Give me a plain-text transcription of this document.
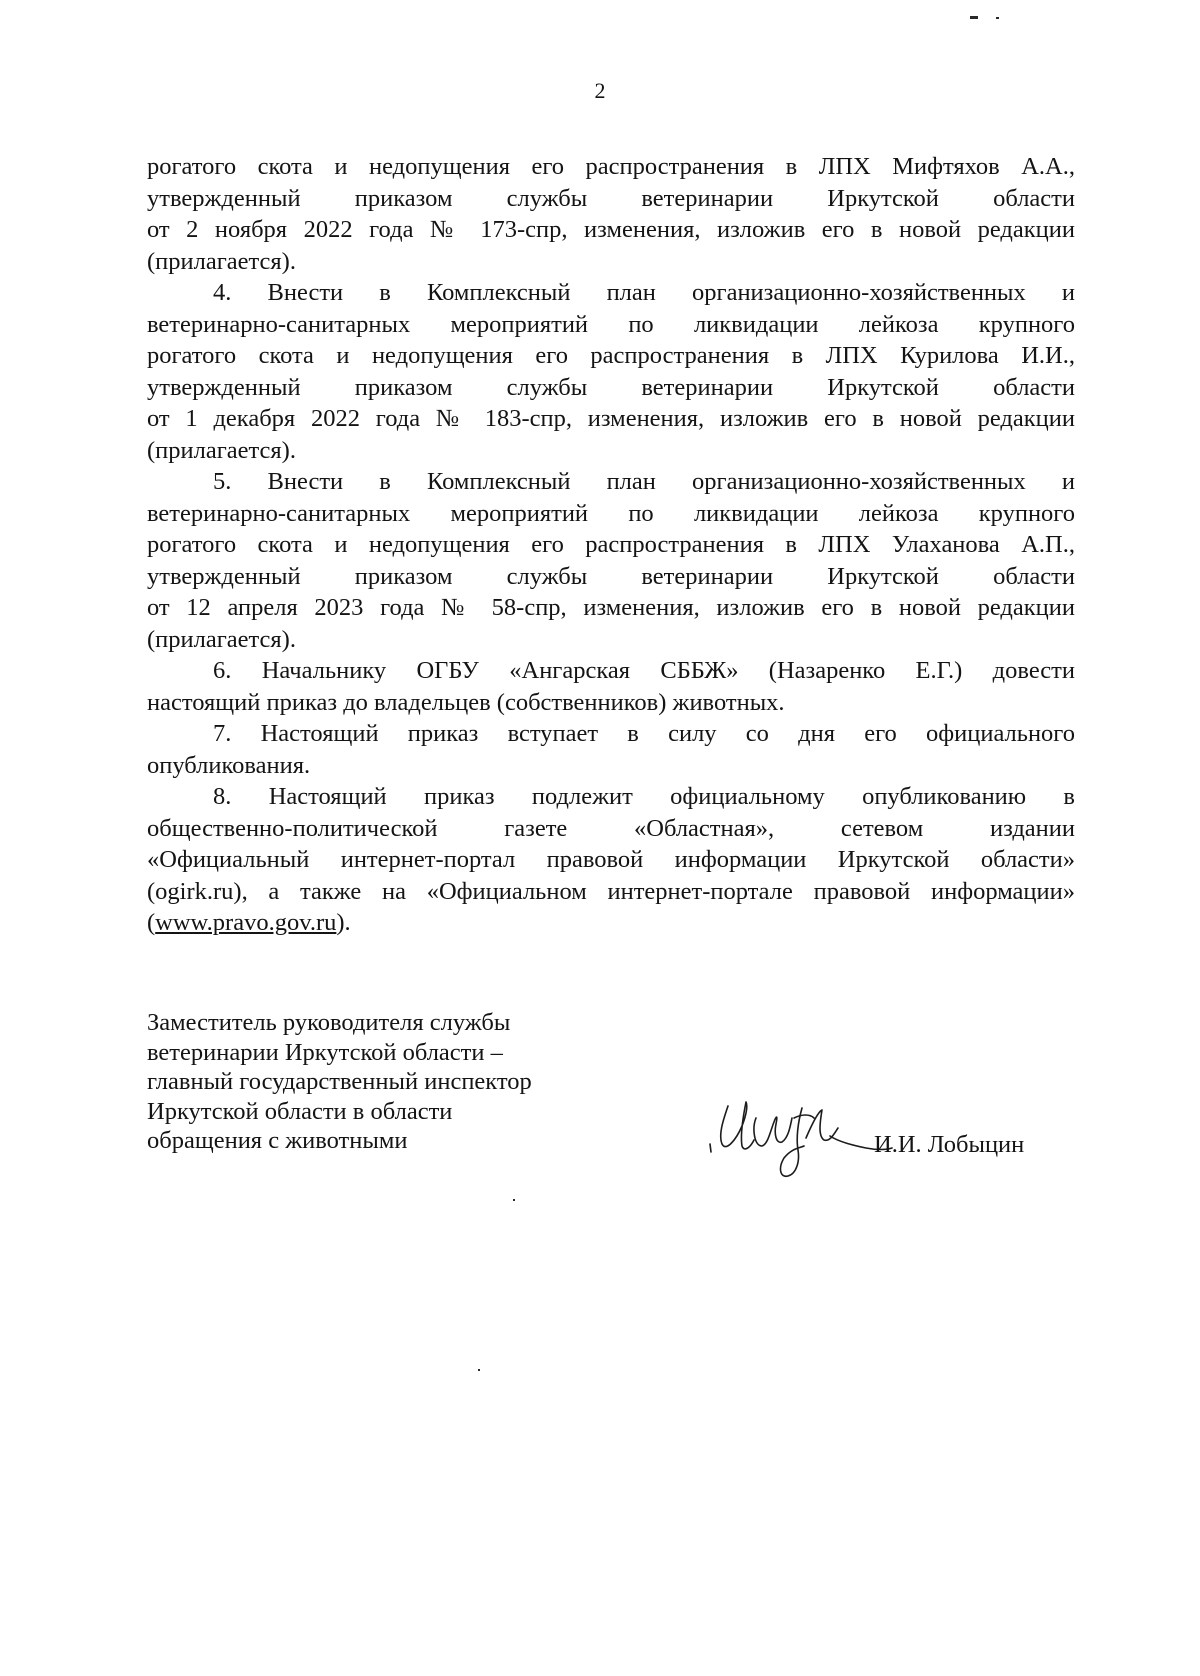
2
рогатого скота и недопущения его распространения в ЛПХ Мифтяхов А.А.,
утвержденный приказом службы ветеринарии Иркутской области
от 2 ноября 2022 года № 173-спр, изменения, изложив его в новой редакции
(прилагается).
4. Внести в Комплексный план организационно-хозяйственных и
ветеринарно-санитарных мероприятий по ликвидации лейкоза крупного
рогатого скота и недопущения его распространения в ЛПХ Курилова И.И.,
утвержденный приказом службы ветеринарии Иркутской области
от 1 декабря 2022 года № 183-спр, изменения, изложив его в новой редакции
(прилагается).
5. Внести в Комплексный план организационно-хозяйственных и
ветеринарно-санитарных мероприятий по ликвидации лейкоза крупного
рогатого скота и недопущения его распространения в ЛПХ Улаханова А.П.,
утвержденный приказом службы ветеринарии Иркутской области
от 12 апреля 2023 года № 58-спр, изменения, изложив его в новой редакции
(прилагается).
6. Начальнику ОГБУ «Ангарская СББЖ» (Назаренко Е.Г.) довести
настоящий приказ до владельцев (собственников) животных.
7. Настоящий приказ вступает в силу со дня его официального
опубликования.
8. Настоящий приказ подлежит официальному опубликованию в
общественно-политической газете «Областная», сетевом издании
«Официальный интернет-портал правовой информации Иркутской области»
(ogirk.ru), а также на «Официальном интернет-портале правовой информации»
(www.pravo.gov.ru).
Заместитель руководителя службы
ветеринарии Иркутской области –
главный государственный инспектор
Иркутской области в области
обращения с животными	И.И. Лобыцин
